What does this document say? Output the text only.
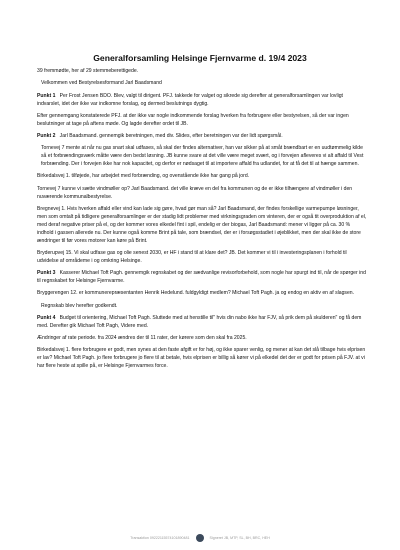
Generalforsamling Helsinge Fjernvarme d. 19/4 2023

39 fremmødte, her af 29 stemmeberettigede.

Velkommen ved Bestyrelsesformand Jarl Baadsmand

Punkt 1 Per Frost Jensen BDO. Blev, valgt til dirigent. PFJ. takkede for valget og sikrede sig derefter at generalforsamlingen var lovligt indvarslet, idet der ikke var indkomne forslag, og dermed beslutnings dygtig.

Efter gennemgang konstaterede PFJ. at der ikke var nogle indkommende forslag hverken fra forbrugere eller bestyrelsen, så der var ingen beslutninger at tage på aftens møde. Og lagde derefter ordet til JB.

Punkt 2 Jarl Baadsmand. gennemgik beretningen, med div. Slides, efter beretningen var der lidt spørgsmål.

Tornevej 7 mente at når nu gas snart skal udfases, så skal der findes alternativer, han var sikker på at småt brændbart er en uudtømmelig kilde så et forbrændingsværk måtte være den bedst løsning. JB kunne svare at det ville være meget svært, og i forvejen afleveres vi alt affald til Vest forbrænding. Der i forvejen ikke har nok kapacitet, og derfor er nødsaget til at importere affald fra udlandet, for at få det til at hænge sammen.

Birkedalsvej 1. tilføjede, har arbejdet med forbrænding, og ovenstående ikke har gang på jord.

Tornevej 7 kunne vi sætte vindmøller op? Jarl Baadsmand. det ville kræve en del fra kommunen og de er ikke tilhængere af vindmøller i den nuværende kommunalbestyrelse.

Bregnevej 1. Hvis hverken affald eller vind kan lade sig gøre, hvad gør man så? Jarl Baadsmand, der findes forskellige varmepumpe løsninger, men som omtalt på tidligere generalforsamlinger er der stadig lidt problemer med virkningsgraden om vinteren, der er også tit overproduktion af el, med deraf negative priser på el, og der kommer vores elkedel fint i spil, endelig er der biogas, Jarl Baadsmand: mener vi ligger på ca. 30 % indhold i gassen allerede nu. Der kunne også komme Brint på tale, som brændsel, der er i forsøgsstadiet i øjeblikket, men der skal ikke de store ændringer til før vores motorer kan køre på Brint.

Bryderupvej 15. Vi skal udfase gas og olie senest 2030, er HF i stand til at klare det? JB. Det kommer vi til i investeringsplanen i forhold til udvidelse af områdeme i og omkring Helsinge.

Punkt 3 Kasserer Michael Toft Pagh. gennemgik regnskabet og der sædvanlige revisorforbehold, som nogle har spurgt ind til, når de spørger ind til regnskabet for Helsinge Fjernvarme.

Bryggerengen 12. er kommunerepræsentanten Henrik Hedelund. fuldgyldigt medlem? Michael Toft Pagh. ja og endog en aktiv en af slagsen.

Regnskab blev herefter godkendt.

Punkt 4 Budget til orientering, Michael Toft Pagh. Sluttede med at henstille til" hvis din nabo ikke har FJV, så prik dem på skulderen" og få dem med. Derefter gik Michael Toft Pagh, Videre med.

Ændringer af rate periode. fra 2024 ændres der til 11 rater, der kørere som den skal fra 2025.

Birkedalsvej 1. flere forbrugere er godt, men synes at den faste afgift er for høj, og ikke sparer venlig, og mener at kan det slå tilbage hvis elprisen er lav? Michael Toft Pagh. jo flere forbrugere jo flere til at betale, hvis elprisen er billig så kører vi på elkedel det der er godt for prisen på FJV. at vi har flere heste at spille på, er Helsinge Fjernvarmes force.

Transaktion 09222115574101890481	Signeret JB, MTP, SL, BH, BRC, HEH
